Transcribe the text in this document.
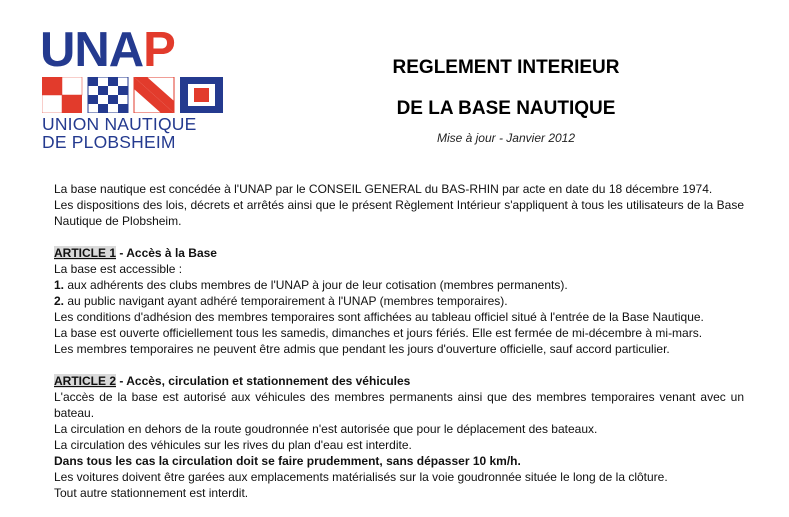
UNAP
UNION NAUTIQUE
DE PLOBSHEIM
REGLEMENT INTERIEUR
DE LA BASE NAUTIQUE
Mise à jour - Janvier 2012

La base nautique est concédée à l'UNAP par le CONSEIL GENERAL du BAS-RHIN par acte en date du 18 décembre 1974.

Les dispositions des lois, décrets et arrêtés ainsi que le présent Règlement Intérieur s'appliquent à tous les utilisateurs de la Base Nautique de Plobsheim.

ARTICLE 1 - Accès à la Base

La base est accessible :

1. aux adhérents des clubs membres de l'UNAP à jour de leur cotisation (membres permanents).

2. au public navigant ayant adhéré temporairement à l'UNAP (membres temporaires).

Les conditions d'adhésion des membres temporaires sont affichées au tableau officiel situé à l'entrée de la Base Nautique.

La base est ouverte officiellement tous les samedis, dimanches et jours fériés. Elle est fermée de mi-décembre à mi-mars.

Les membres temporaires ne peuvent être admis que pendant les jours d'ouverture officielle, sauf accord particulier.

ARTICLE 2 - Accès, circulation et stationnement des véhicules

L'accès de la base est autorisé aux véhicules des membres permanents ainsi que des membres temporaires venant avec un bateau.

La circulation en dehors de la route goudronnée n'est autorisée que pour le déplacement des bateaux.

La circulation des véhicules sur les rives du plan d'eau est interdite.

Dans tous les cas la circulation doit se faire prudemment, sans dépasser 10 km/h.

Les voitures doivent être garées aux emplacements matérialisés sur la voie goudronnée située le long de la clôture.

Tout autre stationnement est interdit.
